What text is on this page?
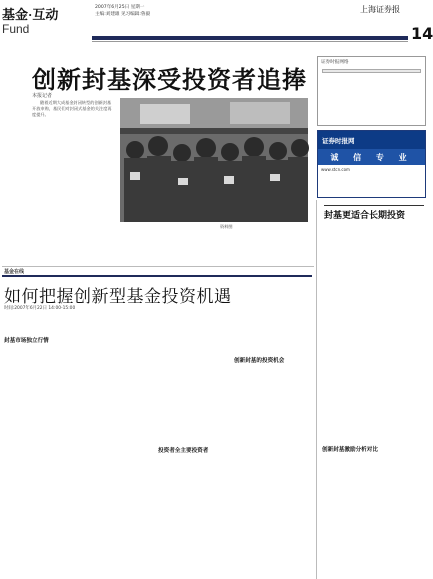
基金·互动
Fund
2007年6月25日 星期一
主编:刘建雄 见习编辑:鲁毅
上海证券报
14
创新封基深受投资者追捧
本报记者

随着近期大成基金封闭转型的创新封基开放申购，基民们对封闭式基金的关注度再度提升。

资料图
证券时报网络
证券时报网
诚 信 专 业
www.stcn.com
封基更适合长期投资
基金在线
如何把握创新型基金投资机遇
时间:2007年6月22日 14:00-15:00
封基市场独立行情
投资者全主要投资者
创新封基的投资机会
创新封基激励分析对比
